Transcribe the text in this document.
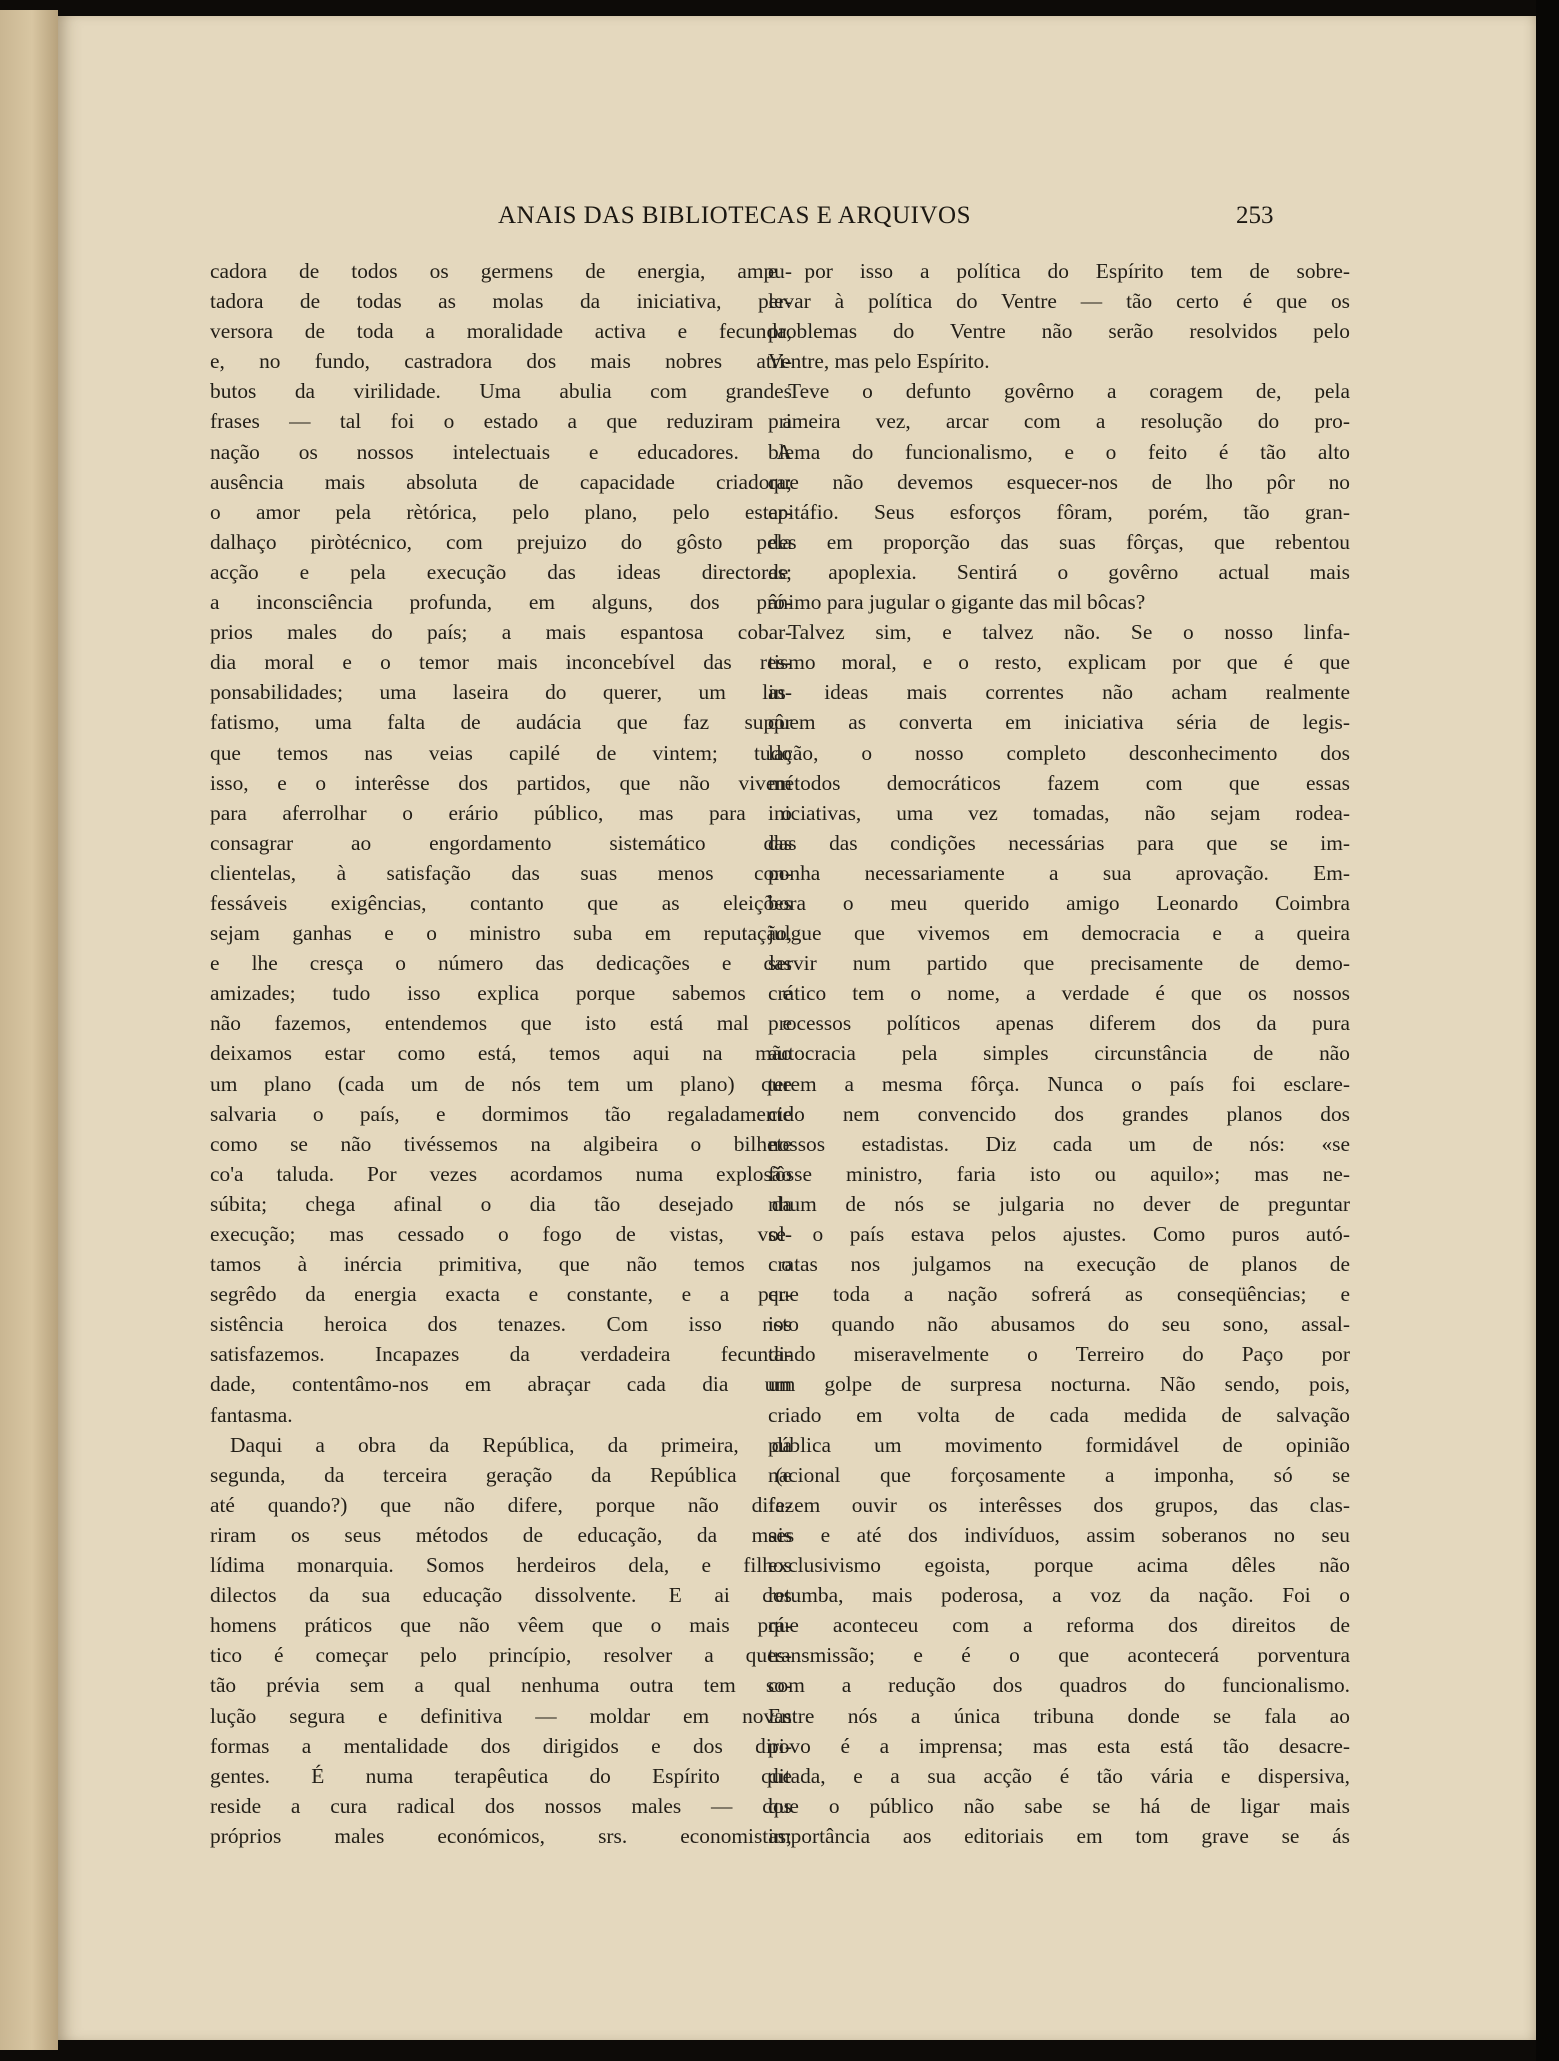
ANAIS DAS BIBLIOTECAS E ARQUIVOS	253
cadora de todos os germens de energia, ampu-
tadora de todas as molas da iniciativa, per-
versora de toda a moralidade activa e fecunda,
e, no fundo, castradora dos mais nobres atri-
butos da virilidade. Uma abulia com grandes
frases — tal foi o estado a que reduziram a
nação os nossos intelectuais e educadores. A
ausência mais absoluta de capacidade criadora;
o amor pela rètórica, pelo plano, pelo estar-
dalhaço piròtécnico, com prejuizo do gôsto pela
acção e pela execução das ideas directoras;
a inconsciência profunda, em alguns, dos pró-
prios males do país; a mais espantosa cobar-
dia moral e o temor mais inconcebível das res-
ponsabilidades; uma laseira do querer, um lin-
fatismo, uma falta de audácia que faz supôr
que temos nas veias capilé de vintem; tudo
isso, e o interêsse dos partidos, que não vivem
para aferrolhar o erário público, mas para o
consagrar ao engordamento sistemático das
clientelas, à satisfação das suas menos con-
fessáveis exigências, contanto que as eleições
sejam ganhas e o ministro suba em reputação,
e lhe cresça o número das dedicações e das
amizades; tudo isso explica porque sabemos e
não fazemos, entendemos que isto está mal e
deixamos estar como está, temos aqui na mão
um plano (cada um de nós tem um plano) que
salvaria o país, e dormimos tão regaladamente
como se não tivéssemos na algibeira o bilhete
co'a taluda. Por vezes acordamos numa explosão
súbita; chega afinal o dia tão desejado da
execução; mas cessado o fogo de vistas, vol-
tamos à inércia primitiva, que não temos o
segrêdo da energia exacta e constante, e a per-
sistência heroica dos tenazes. Com isso nos
satisfazemos. Incapazes da verdadeira fecundi-
dade, contentâmo-nos em abraçar cada dia um
fantasma.
Daqui a obra da República, da primeira, da
segunda, da terceira geração da República (e
até quando?) que não difere, porque não dife-
riram os seus métodos de educação, da mais
lídima monarquia. Somos herdeiros dela, e filhos
dilectos da sua educação dissolvente. E ai dos
homens práticos que não vêem que o mais prá-
tico é começar pelo princípio, resolver a ques-
tão prévia sem a qual nenhuma outra tem so-
lução segura e definitiva — moldar em novas
formas a mentalidade dos dirigidos e dos diri-
gentes. É numa terapêutica do Espírito que
reside a cura radical dos nossos males — dos
próprios males económicos, srs. economistas;
e por isso a política do Espírito tem de sobre-
levar à política do Ventre — tão certo é que os
problemas do Ventre não serão resolvidos pelo
Ventre, mas pelo Espírito.
Teve o defunto govêrno a coragem de, pela
primeira vez, arcar com a resolução do pro-
blema do funcionalismo, e o feito é tão alto
que não devemos esquecer-nos de lho pôr no
epitáfio. Seus esforços fôram, porém, tão gran-
des em proporção das suas fôrças, que rebentou
de apoplexia. Sentirá o govêrno actual mais
ânimo para jugular o gigante das mil bôcas?
Talvez sim, e talvez não. Se o nosso linfa-
tismo moral, e o resto, explicam por que é que
as ideas mais correntes não acham realmente
quem as converta em iniciativa séria de legis-
lação, o nosso completo desconhecimento dos
métodos democráticos fazem com que essas
iniciativas, uma vez tomadas, não sejam rodea-
das das condições necessárias para que se im-
ponha necessariamente a sua aprovação. Em-
bora o meu querido amigo Leonardo Coimbra
julgue que vivemos em democracia e a queira
servir num partido que precisamente de demo-
crático tem o nome, a verdade é que os nossos
processos políticos apenas diferem dos da pura
autocracia pela simples circunstância de não
terem a mesma fôrça. Nunca o país foi esclare-
cido nem convencido dos grandes planos dos
nossos estadistas. Diz cada um de nós: «se
fôsse ministro, faria isto ou aquilo»; mas ne-
nhum de nós se julgaria no dever de preguntar
se o país estava pelos ajustes. Como puros autó-
cratas nos julgamos na execução de planos de
que toda a nação sofrerá as conseqüências; e
isto quando não abusamos do seu sono, assal-
tando miseravelmente o Terreiro do Paço por
um golpe de surpresa nocturna. Não sendo, pois,
criado em volta de cada medida de salvação
pública um movimento formidável de opinião
nacional que forçosamente a imponha, só se
fazem ouvir os interêsses dos grupos, das clas-
ses e até dos indivíduos, assim soberanos no seu
exclusivismo egoista, porque acima dêles não
retumba, mais poderosa, a voz da nação. Foi o
que aconteceu com a reforma dos direitos de
transmissão; e é o que acontecerá porventura
com a redução dos quadros do funcionalismo.
Entre nós a única tribuna donde se fala ao
povo é a imprensa; mas esta está tão desacre-
ditada, e a sua acção é tão vária e dispersiva,
que o público não sabe se há de ligar mais
importância aos editoriais em tom grave se ás
